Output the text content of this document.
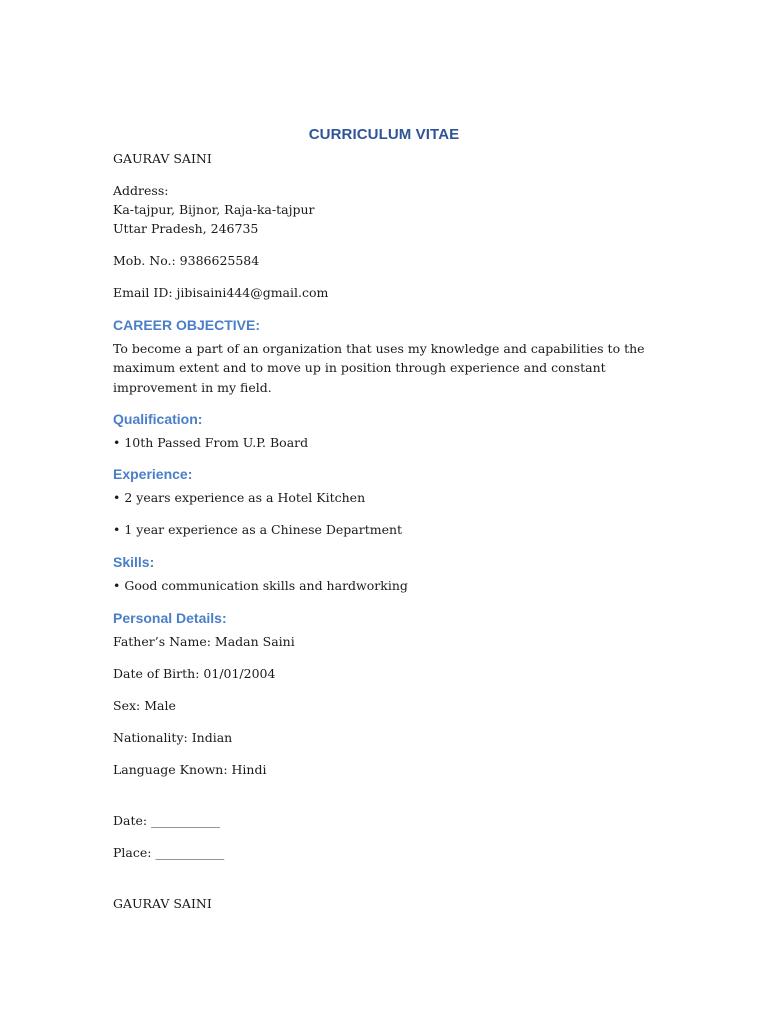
CURRICULUM VITAE
GAURAV SAINI
Address:
Ka-tajpur, Bijnor, Raja-ka-tajpur
Uttar Pradesh, 246735
Mob. No.: 9386625584
Email ID: jibisaini444@gmail.com
CAREER OBJECTIVE:
To become a part of an organization that uses my knowledge and capabilities to the maximum extent and to move up in position through experience and constant improvement in my field.
Qualification:
• 10th Passed From U.P. Board
Experience:
• 2 years experience as a Hotel Kitchen
• 1 year experience as a Chinese Department
Skills:
• Good communication skills and hardworking
Personal Details:
Father’s Name: Madan Saini
Date of Birth: 01/01/2004
Sex: Male
Nationality: Indian
Language Known: Hindi
Date: ___________
Place: ___________
GAURAV SAINI
